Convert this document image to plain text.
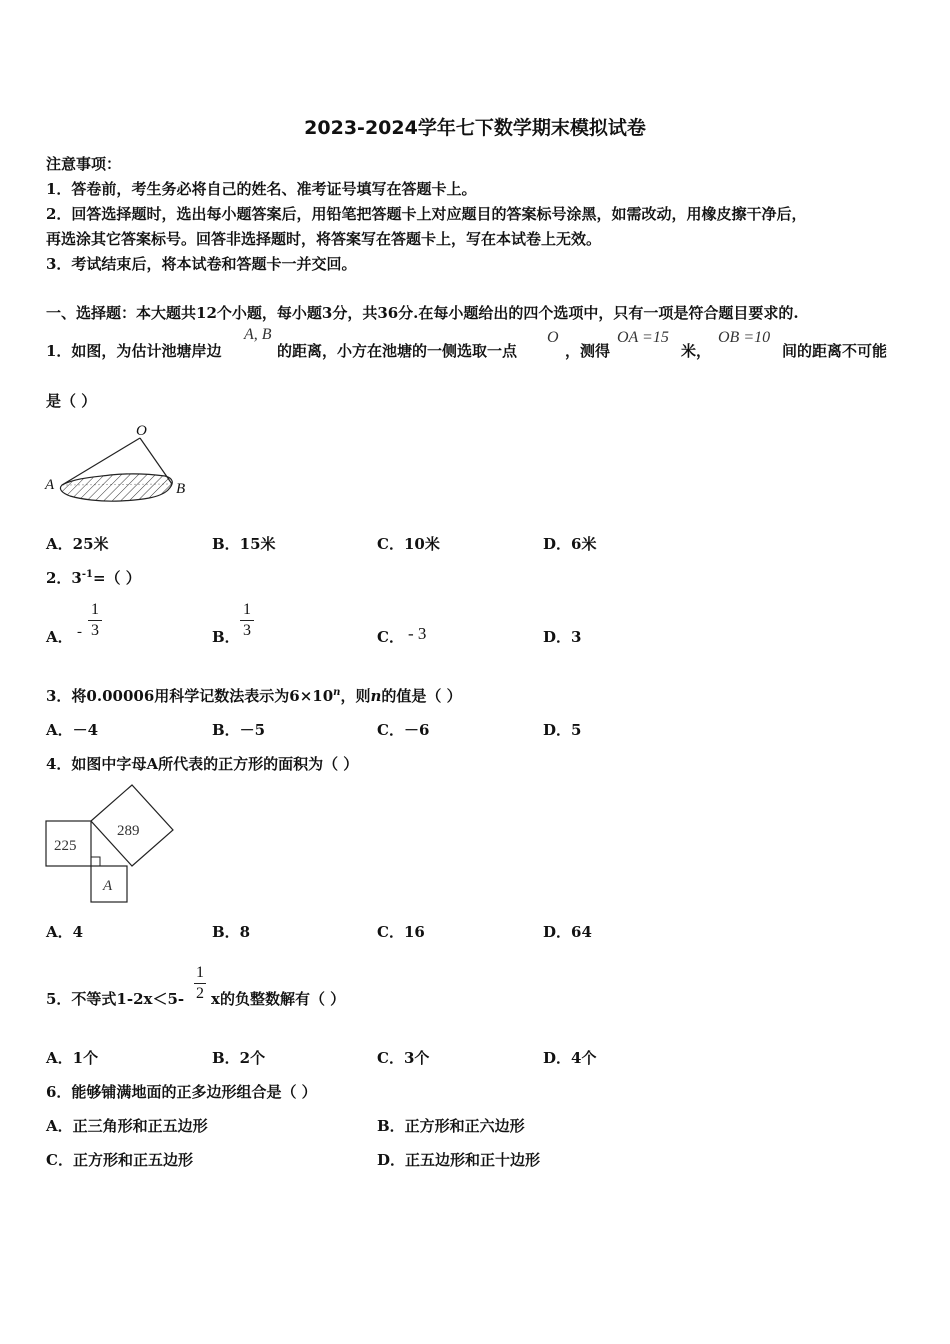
2023-2024学年七下数学期末模拟试卷
注意事项：
1．答卷前，考生务必将自己的姓名、准考证号填写在答题卡上。
2．回答选择题时，选出每小题答案后，用铅笔把答题卡上对应题目的答案标号涂黑，如需改动，用橡皮擦干净后，
再选涂其它答案标号。回答非选择题时，将答案写在答题卡上，写在本试卷上无效。
3．考试结束后，将本试卷和答题卡一并交回。
一、选择题：本大题共12个小题，每小题3分，共36分.在每小题给出的四个选项中，只有一项是符合题目要求的.
1．如图，为估计池塘岸边
A, B
的距离，小方在池塘的一侧选取一点
O
，测得
OA =15
米，
OB =10
间的距离不可能
是（ ）
O
A	B
A．25米	B．15米	C．10米	D．6米
2．$3^{-1}=$（ ）
A． -
1
3	B．
1
3	C． - 3	D．3
3．将0.00006用科学记数法表示为$6\times 10^n$，则n的值是（ ）
A．－4	B．－5	C．－6	D．5
4．如图中字母A所代表的正方形的面积为（ ）
225
289
A
A．4	B．8	C．16	D．64
5．不等式1-2x＜5-
1
2 x的负整数解有（ ）
A．1个	B．2个	C．3个	D．4个
6．能够铺满地面的正多边形组合是（ ）
A．正三角形和正五边形	B．正方形和正六边形
C．正方形和正五边形	D．正五边形和正十边形
